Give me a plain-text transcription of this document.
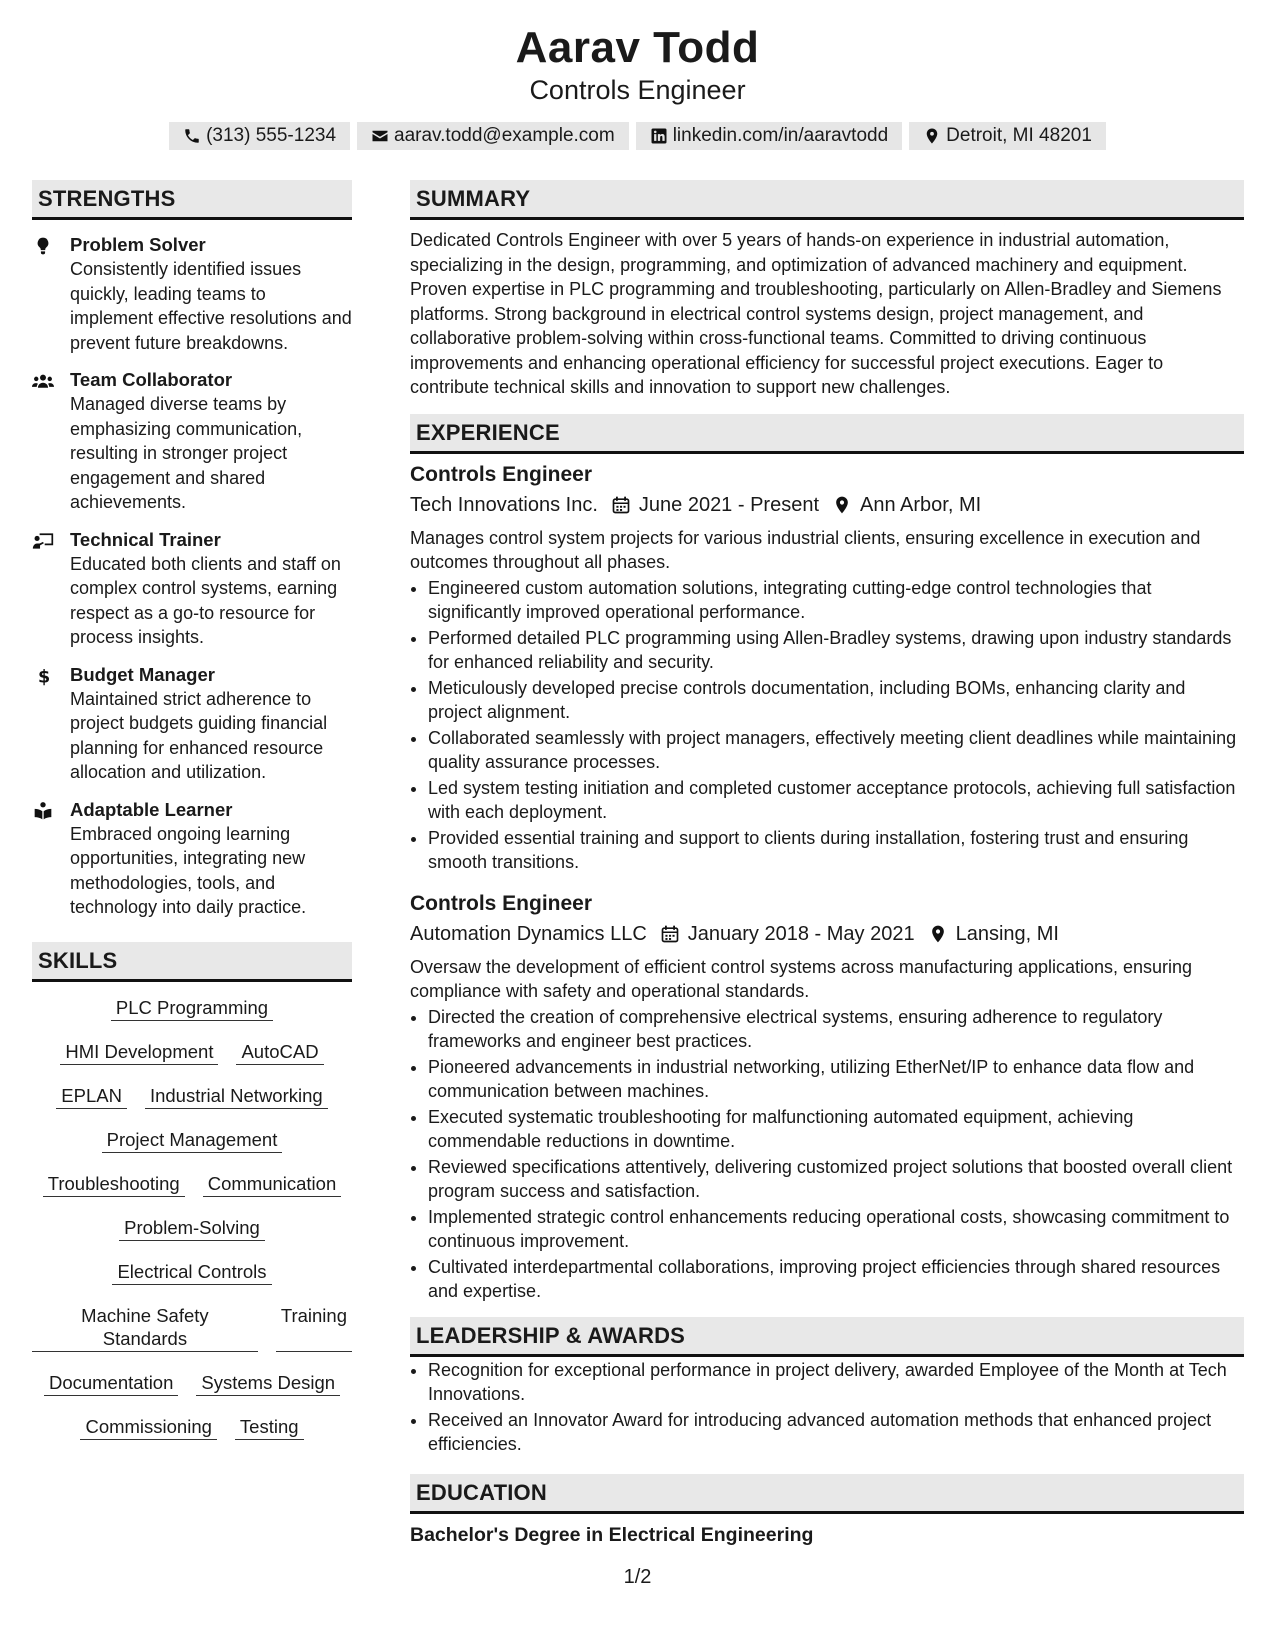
Aarav Todd
Controls Engineer
(313) 555-1234	aarav.todd@example.com	linkedin.com/in/aaravtodd	Detroit, MI 48201
STRENGTHS
Problem Solver
Consistently identified issues quickly, leading teams to implement effective resolutions and prevent future breakdowns.
Team Collaborator
Managed diverse teams by emphasizing communication, resulting in stronger project engagement and shared achievements.
Technical Trainer
Educated both clients and staff on complex control systems, earning respect as a go-to resource for process insights.
$ Budget Manager
Maintained strict adherence to project budgets guiding financial planning for enhanced resource allocation and utilization.
Adaptable Learner
Embraced ongoing learning opportunities, integrating new methodologies, tools, and technology into daily practice.
SKILLS
PLC Programming
HMI Development AutoCAD
EPLAN Industrial Networking
Project Management
Troubleshooting Communication
Problem-Solving
Electrical Controls
Machine Safety Standards
Training
Documentation Systems Design
Commissioning Testing
SUMMARY
Dedicated Controls Engineer with over 5 years of hands-on experience in industrial automation, specializing in the design, programming, and optimization of advanced machinery and equipment. Proven expertise in PLC programming and troubleshooting, particularly on Allen-Bradley and Siemens platforms. Strong background in electrical control systems design, project management, and collaborative problem-solving within cross-functional teams. Committed to driving continuous improvements and enhancing operational efficiency for successful project executions. Eager to contribute technical skills and innovation to support new challenges.
EXPERIENCE
Controls Engineer
Tech Innovations Inc. June 2021 - Present Ann Arbor, MI
Manages control system projects for various industrial clients, ensuring excellence in execution and outcomes throughout all phases.
• Engineered custom automation solutions, integrating cutting-edge control technologies that significantly improved operational performance.
• Performed detailed PLC programming using Allen-Bradley systems, drawing upon industry standards for enhanced reliability and security.
• Meticulously developed precise controls documentation, including BOMs, enhancing clarity and project alignment.
• Collaborated seamlessly with project managers, effectively meeting client deadlines while maintaining quality assurance processes.
• Led system testing initiation and completed customer acceptance protocols, achieving full satisfaction with each deployment.
• Provided essential training and support to clients during installation, fostering trust and ensuring smooth transitions.
Controls Engineer
Automation Dynamics LLC January 2018 - May 2021 Lansing, MI
Oversaw the development of efficient control systems across manufacturing applications, ensuring compliance with safety and operational standards.
• Directed the creation of comprehensive electrical systems, ensuring adherence to regulatory frameworks and engineer best practices.
• Pioneered advancements in industrial networking, utilizing EtherNet/IP to enhance data flow and communication between machines.
• Executed systematic troubleshooting for malfunctioning automated equipment, achieving commendable reductions in downtime.
• Reviewed specifications attentively, delivering customized project solutions that boosted overall client program success and satisfaction.
• Implemented strategic control enhancements reducing operational costs, showcasing commitment to continuous improvement.
• Cultivated interdepartmental collaborations, improving project efficiencies through shared resources and expertise.
LEADERSHIP & AWARDS
• Recognition for exceptional performance in project delivery, awarded Employee of the Month at Tech Innovations.
• Received an Innovator Award for introducing advanced automation methods that enhanced project efficiencies.
EDUCATION
Bachelor's Degree in Electrical Engineering
1/2
